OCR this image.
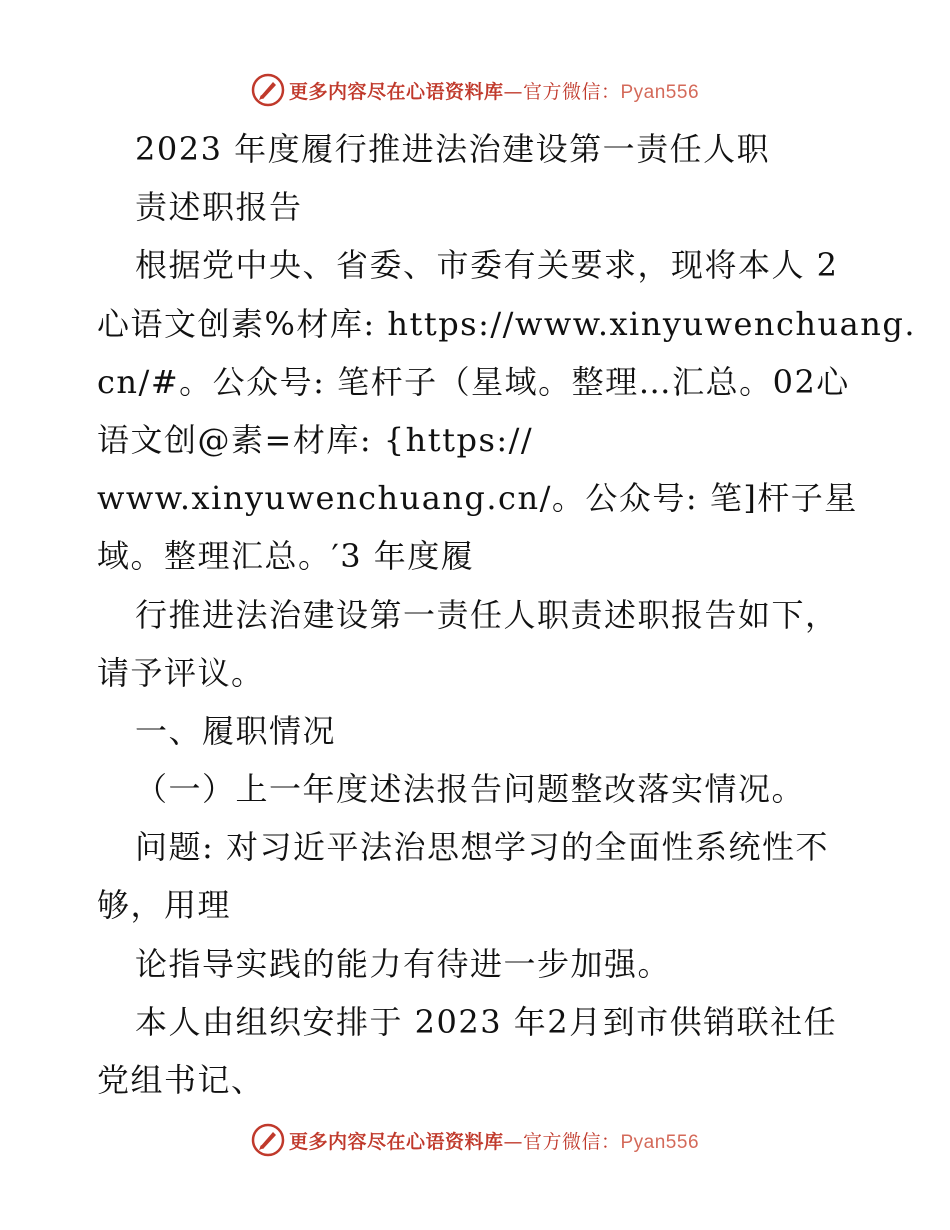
更多内容尽在心语资料库—官方微信：Pyan556
2023 年度履行推进法治建设第一责任人职
责述职报告
根据党中央、省委、市委有关要求，现将本人 2
心语文创素%材库: https://www.xinyuwenchuang.
cn/#。公众号: 笔杆子（星域。整理…汇总。02心
语文创@素=材库: {https://
www.xinyuwenchuang.cn/。公众号: 笔]杆子星
域。整理汇总。′3 年度履
行推进法治建设第一责任人职责述职报告如下，
请予评议。
一、履职情况
（一）上一年度述法报告问题整改落实情况。
问题: 对习近平法治思想学习的全面性系统性不
够，用理
论指导实践的能力有待进一步加强。
本人由组织安排于 2023 年2月到市供销联社任
党组书记、
更多内容尽在心语资料库—官方微信：Pyan556
